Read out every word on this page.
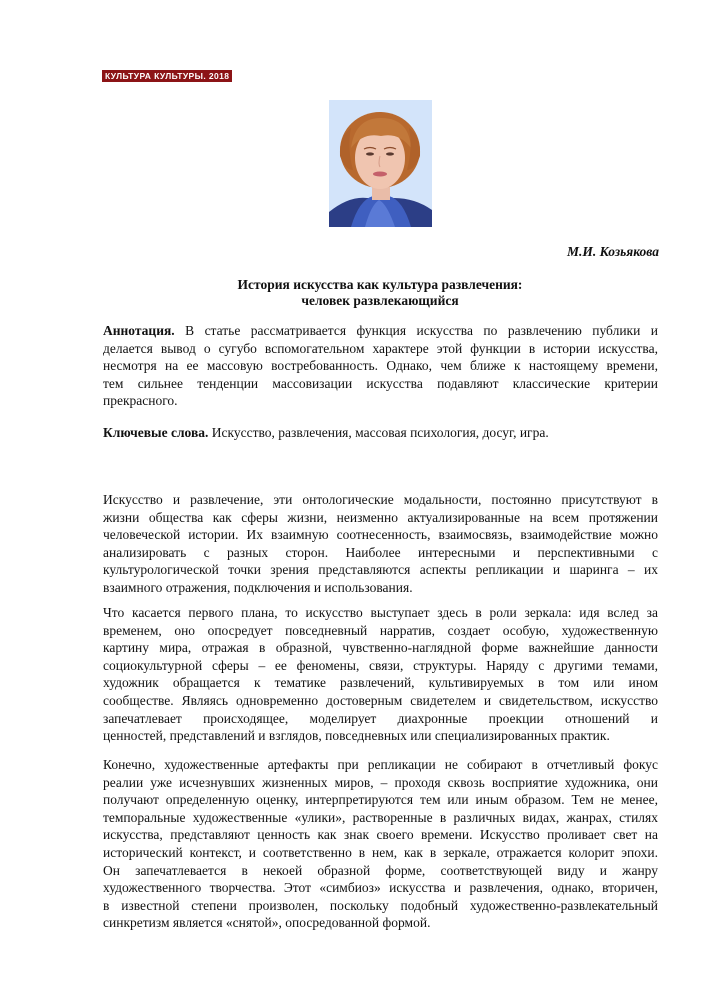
КУЛЬТУРА КУЛЬТУРЫ. 2018
М.И. Козьякова
История искусства как культура развлечения:
человек развлекающийся
Аннотация. В статье рассматривается функция искусства по развлечению публики и
делается вывод о сугубо вспомогательном характере этой функции в истории искусства,
несмотря на ее массовую востребованность. Однако, чем ближе к настоящему времени,
тем сильнее тенденции массовизации искусства подавляют классические критерии
прекрасного.
Ключевые слова. Искусство, развлечения, массовая психология, досуг, игра.
Искусство и развлечение, эти онтологические модальности, постоянно присутствуют в
жизни общества как сферы жизни, неизменно актуализированные на всем протяжении
человеческой истории. Их взаимную соотнесенность, взаимосвязь, взаимодействие можно
анализировать с разных сторон. Наиболее интересными и перспективными с
культурологической точки зрения представляются аспекты репликации и шаринга – их
взаимного отражения, подключения и использования.
Что касается первого плана, то искусство выступает здесь в роли зеркала: идя вслед за
временем, оно опосредует повседневный нарратив, создает особую, художественную
картину мира, отражая в образной, чувственно-наглядной форме важнейшие данности
социокультурной сферы – ее феномены, связи, структуры. Наряду с другими темами,
художник обращается к тематике развлечений, культивируемых в том или ином
сообществе. Являясь одновременно достоверным свидетелем и свидетельством, искусство
запечатлевает происходящее, моделирует диахронные проекции отношений и
ценностей, представлений и взглядов, повседневных или специализированных практик.
Конечно, художественные артефакты при репликации не собирают в отчетливый фокус
реалии уже исчезнувших жизненных миров, – проходя сквозь восприятие художника, они
получают определенную оценку, интерпретируются тем или иным образом. Тем не менее,
темпоральные художественные «улики», растворенные в различных видах, жанрах, стилях
искусства, представляют ценность как знак своего времени. Искусство проливает свет на
исторический контекст, и соответственно в нем, как в зеркале, отражается колорит эпохи.
Он запечатлевается в некоей образной форме, соответствующей виду и жанру
художественного творчества. Этот «симбиоз» искусства и развлечения, однако, вторичен,
в известной степени произволен, поскольку подобный художественно-развлекательный
синкретизм является «снятой», опосредованной формой.
